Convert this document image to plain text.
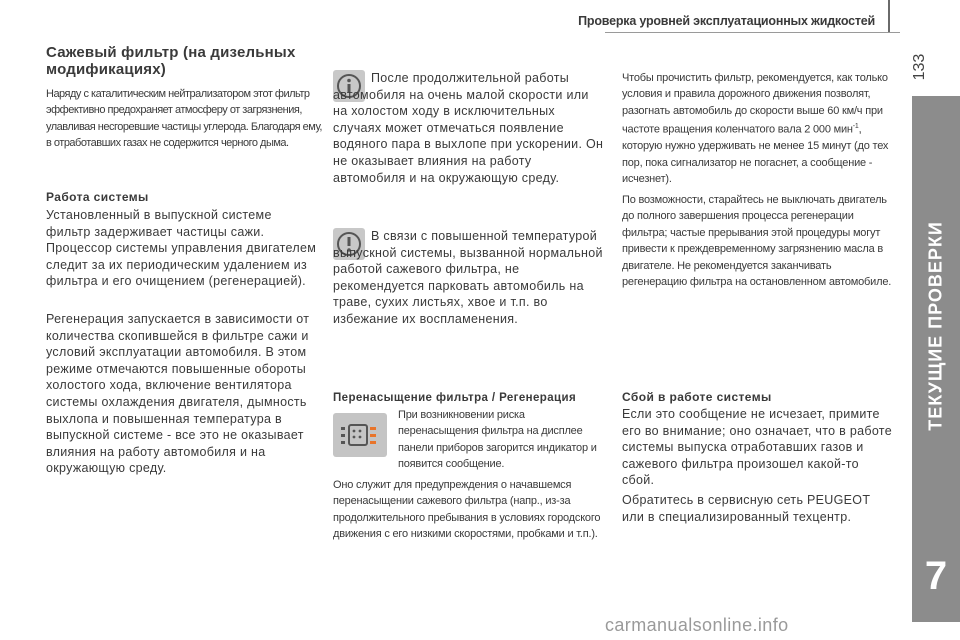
Проверка уровней эксплуатационных жидкостей
133
ТЕКУЩИЕ ПРОВЕРКИ
7
Сажевый фильтр (на дизельных модификациях)
Наряду с каталитическим нейтрализатором этот фильтр эффективно предохраняет атмосферу от загрязнения, улавливая несгоревшие частицы углерода. Благодаря ему, в отработавших газах не содержится черного дыма.
Работа системы
Установленный в выпускной системе фильтр задерживает частицы сажи. Процессор системы управления двигателем следит за их периодическим удалением из фильтра и его очищением (регенерацией).
Регенерация запускается в зависимости от количества скопившейся в фильтре сажи и условий эксплуатации автомобиля. В этом режиме отмечаются повышенные обороты холостого хода, включение вентилятора системы охлаждения двигателя, дымность выхлопа и повышенная температура в выпускной системе - все это не оказывает влияния на работу автомобиля и на окружающую среду.
После продолжительной работы автомобиля на очень малой скорости или на холостом ходу в исключительных случаях может отмечаться появление водяного пара в выхлопе при ускорении. Он не оказывает влияния на работу автомобиля и на окружающую среду.
В связи с повышенной температурой выпускной системы, вызванной нормальной работой сажевого фильтра, не рекомендуется парковать автомобиль на траве, сухих листьях, хвое и т.п. во избежание их воспламенения.
Перенасыщение фильтра / Регенерация
При возникновении риска перенасыщения фильтра на дисплее панели приборов загорится индикатор и появится сообщение.
Оно служит для предупреждения о начавшемся перенасыщении сажевого фильтра (напр., из-за продолжительного пребывания в условиях городского движения с его низкими скоростями, пробками и т.п.).
Чтобы прочистить фильтр, рекомендуется, как только условия и правила дорожного движения позволят, разогнать автомобиль до скорости выше 60 км/ч при частоте вращения коленчатого вала 2 000 мин$^{-1}$, которую нужно удерживать не менее 15 минут (до тех пор, пока сигнализатор не погаснет, а сообщение - исчезнет).
По возможности, старайтесь не выключать двигатель до полного завершения процесса регенерации фильтра; частые прерывания этой процедуры могут привести к преждевременному загрязнению масла в двигателе. Не рекомендуется заканчивать регенерацию фильтра на остановленном автомобиле.
Сбой в работе системы
Если это сообщение не исчезает, примите его во внимание; оно означает, что в работе системы выпуска отработавших газов и сажевого фильтра произошел какой-то сбой.
Обратитесь в сервисную сеть PEUGEOT или в специализированный техцентр.
carmanualsonline.info
